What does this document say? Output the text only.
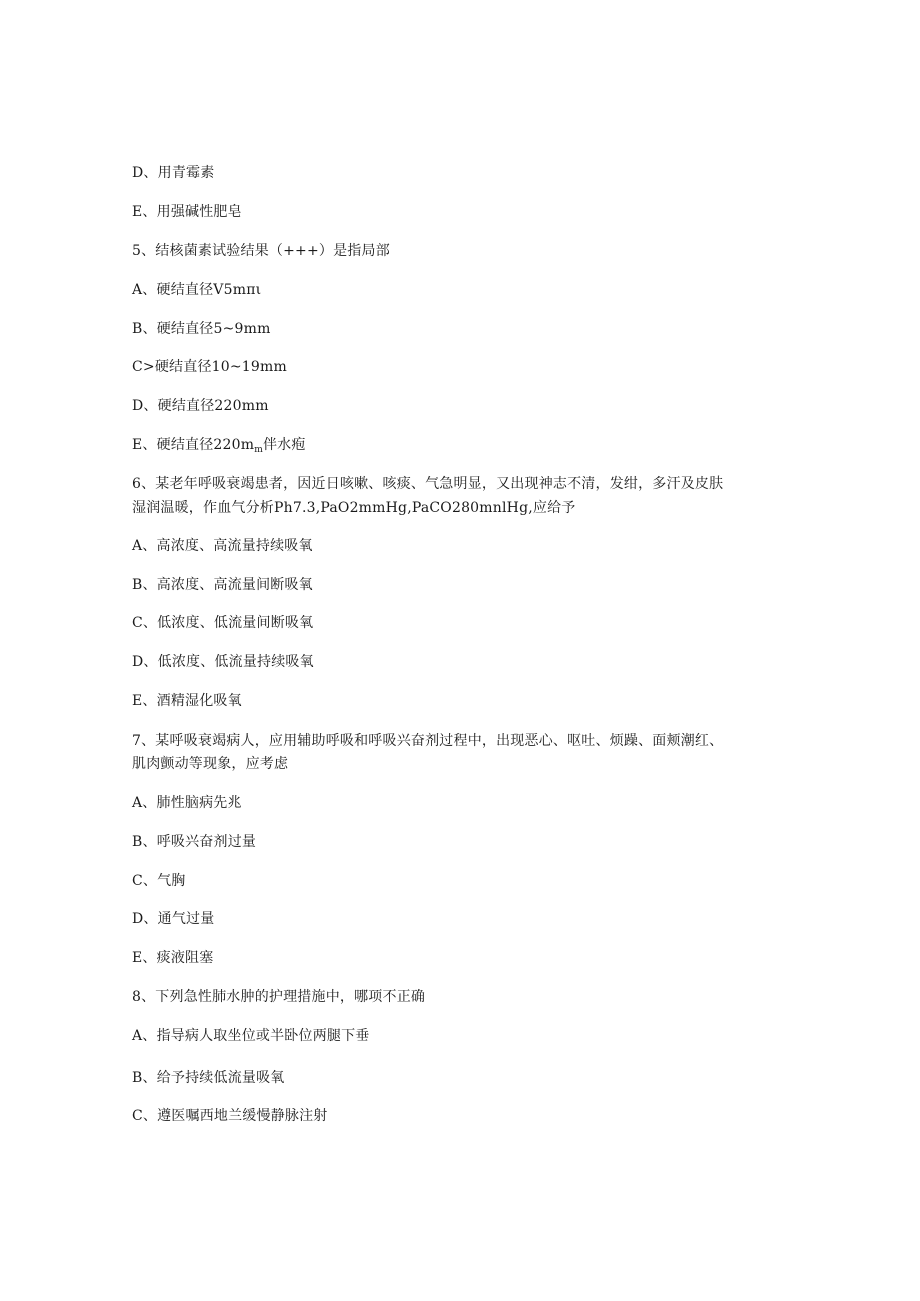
D、用青霉素
E、用强碱性肥皂
5、结核菌素试验结果（+++）是指局部
A、硬结直径V5mπι
B、硬结直径5~9mm
C>硬结直径10~19mm
D、硬结直径220mm
E、硬结直径$220m_m$伴水疱
6、某老年呼吸衰竭患者，因近日咳嗽、咳痰、气急明显，又出现神志不清，发绀，多汗及皮肤
湿润温暖，作血气分析Ph7.3,PaO2mmHg,PaCO280mnlHg,应给予
A、高浓度、高流量持续吸氧
B、高浓度、高流量间断吸氧
C、低浓度、低流量间断吸氧
D、低浓度、低流量持续吸氧
E、酒精湿化吸氧
7、某呼吸衰竭病人，应用辅助呼吸和呼吸兴奋剂过程中，出现恶心、呕吐、烦躁、面颊潮红、
肌肉颤动等现象，应考虑
A、肺性脑病先兆
B、呼吸兴奋剂过量
C、气胸
D、通气过量
E、痰液阻塞
8、下列急性肺水肿的护理措施中，哪项不正确
A、指导病人取坐位或半卧位两腿下垂
B、给予持续低流量吸氧
C、遵医嘱西地兰缓慢静脉注射
